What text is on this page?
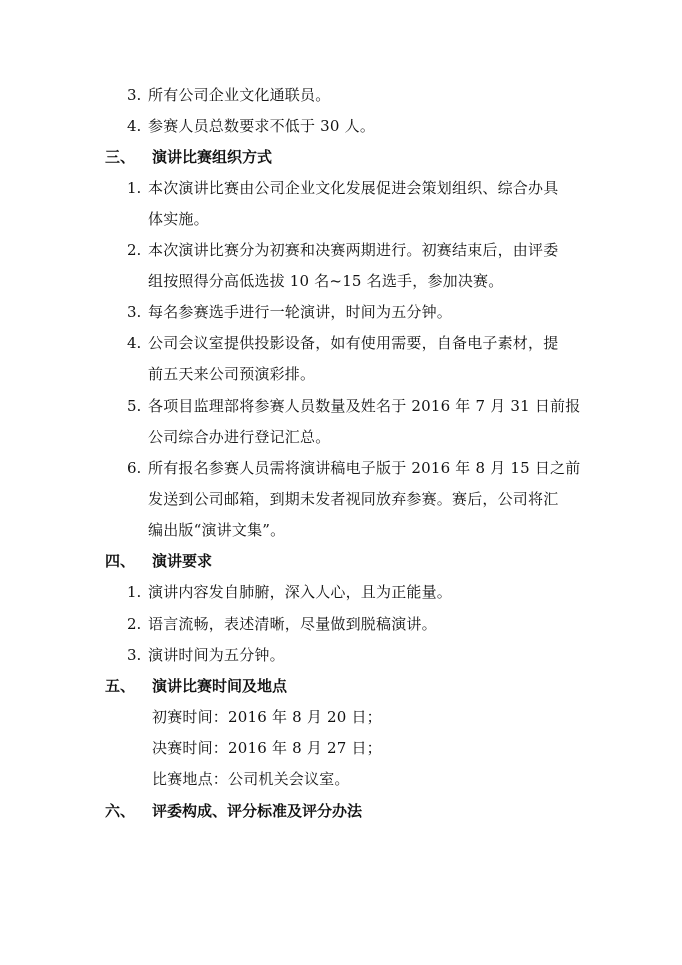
3. 所有公司企业文化通联员。
4. 参赛人员总数要求不低于 30 人。
三、 演讲比赛组织方式
1. 本次演讲比赛由公司企业文化发展促进会策划组织、综合办具
体实施。
2. 本次演讲比赛分为初赛和决赛两期进行。初赛结束后，由评委
组按照得分高低选拔 10 名~15 名选手，参加决赛。
3. 每名参赛选手进行一轮演讲，时间为五分钟。
4. 公司会议室提供投影设备，如有使用需要，自备电子素材，提
前五天来公司预演彩排。
5. 各项目监理部将参赛人员数量及姓名于 2016 年 7 月 31 日前报
公司综合办进行登记汇总。
6. 所有报名参赛人员需将演讲稿电子版于 2016 年 8 月 15 日之前
发送到公司邮箱，到期未发者视同放弃参赛。赛后，公司将汇
编出版“演讲文集”。
四、 演讲要求
1. 演讲内容发自肺腑，深入人心，且为正能量。
2. 语言流畅，表述清晰，尽量做到脱稿演讲。
3. 演讲时间为五分钟。
五、 演讲比赛时间及地点
初赛时间：2016 年 8 月 20 日；
决赛时间：2016 年 8 月 27 日；
比赛地点：公司机关会议室。
六、 评委构成、评分标准及评分办法
